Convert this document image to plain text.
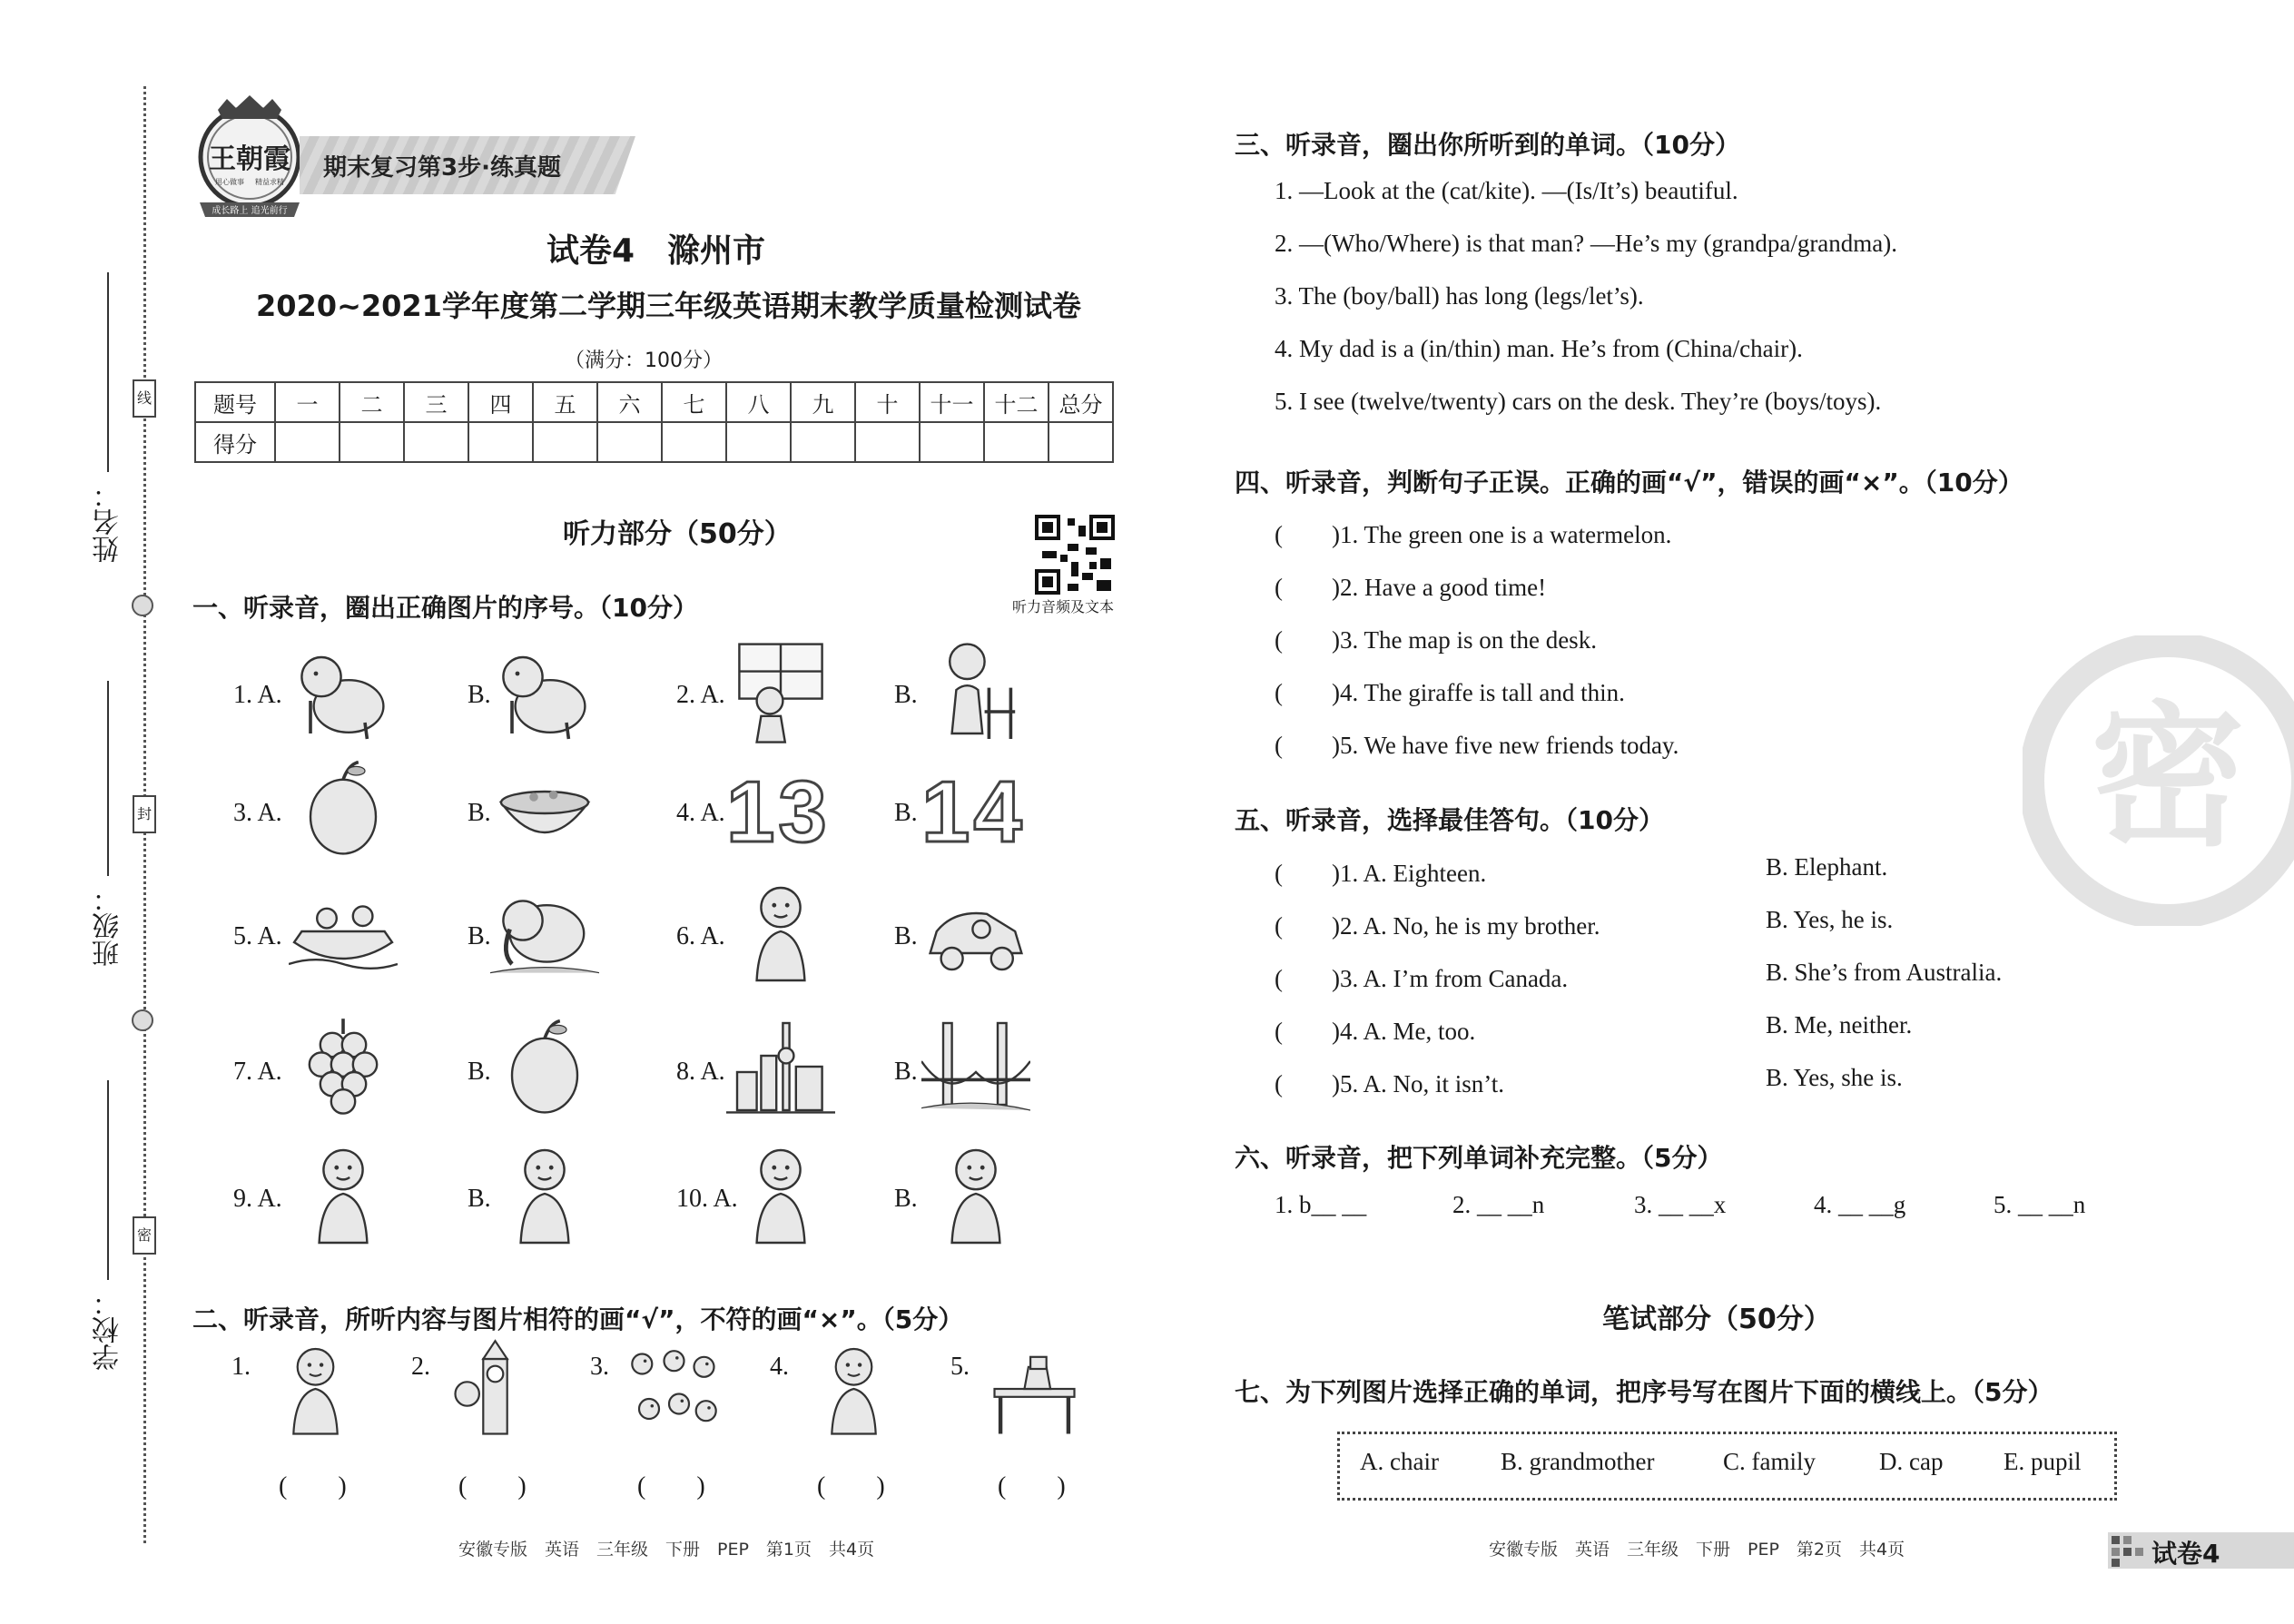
姓名：
班级：
学校：
线
封
密
王朝霞
用心做事 精益求精
成长路上 追光前行
期末复习第3步·练真题
试卷4　滁州市
2020~2021学年度第二学期三年级英语期末教学质量检测试卷
（满分：100分）
题号	一	二	三	四	五	六	七	八	九	十	十一	十二	总分
得分													
听力部分（50分）
听力音频及文本
一、听录音，圈出正确图片的序号。（10分）
二、听录音，所听内容与图片相符的画“√”，不符的画“×”。（5分）
三、听录音，圈出你所听到的单词。（10分）
四、听录音，判断句子正误。正确的画“√”，错误的画“×”。（10分）
五、听录音，选择最佳答句。（10分）
六、听录音，把下列单词补充完整。（5分）
笔试部分（50分）
七、为下列图片选择正确的单词，把序号写在图片下面的横线上。（5分）
密
安徽专版　英语　三年级　下册　PEP　第1页　共4页	安徽专版　英语　三年级　下册　PEP　第2页　共4页	试卷4
1. A.	B.	2. A.	B.
3. A.	B.	4. A. 13	B. 14
5. A.	B.	6. A.	B.
7. A.	B.	8. A.	B.
9. A.	B.	10. A.	B.
1.
(　　)
2.
(　　)
3.
(　　)
4.
(　　)
5.
(　　)
1. —Look at the (cat/kite). —(Is/It’s) beautiful.
2. —(Who/Where) is that man? —He’s my (grandpa/grandma).
3. The (boy/ball) has long (legs/let’s).
4. My dad is a (in/thin) man. He’s from (China/chair).
5. I see (twelve/twenty) cars on the desk. They’re (boys/toys).
(　　)1. The green one is a watermelon.
(　　)2. Have a good time!
(　　)3. The map is on the desk.
(　　)4. The giraffe is tall and thin.
(　　)5. We have five new friends today.
(　　)1. A. Eighteen.	B. Elephant.
(　　)2. A. No, he is my brother.	B. Yes, he is.
(　　)3. A. I’m from Canada.	B. She’s from Australia.
(　　)4. A. Me, too.	B. Me, neither.
(　　)5. A. No, it isn’t.	B. Yes, she is.
1. b__ __	2. __ __n	3. __ __x	4. __ __g	5. __ __n
A. chair	B. grandmother	C. family	D. cap E. pupil
